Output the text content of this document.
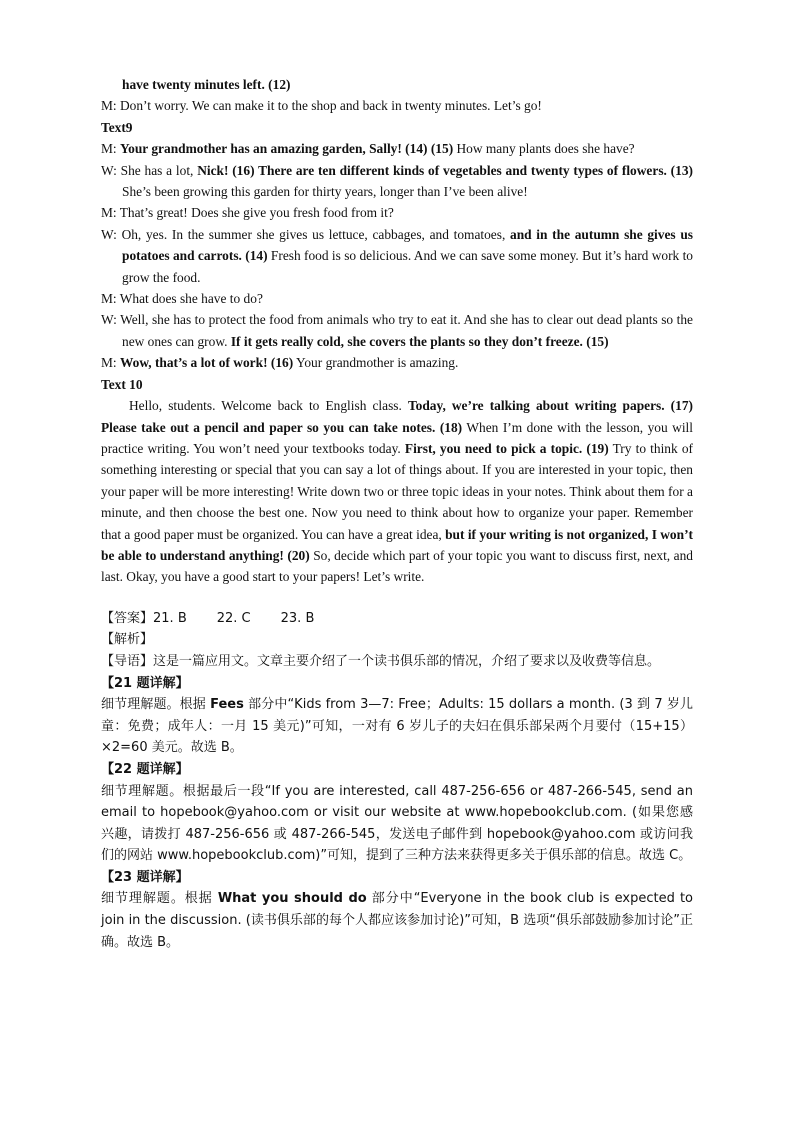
have twenty minutes left. (12)
M: Don’t worry. We can make it to the shop and back in twenty minutes. Let’s go!
Text9
M: Your grandmother has an amazing garden, Sally! (14) (15) How many plants does she have?
W: She has a lot, Nick! (16) There are ten different kinds of vegetables and twenty types of flowers. (13) She’s been growing this garden for thirty years, longer than I’ve been alive!
M: That’s great! Does she give you fresh food from it?
W: Oh, yes. In the summer she gives us lettuce, cabbages, and tomatoes, and in the autumn she gives us potatoes and carrots. (14) Fresh food is so delicious. And we can save some money. But it’s hard work to grow the food.
M: What does she have to do?
W: Well, she has to protect the food from animals who try to eat it. And she has to clear out dead plants so the new ones can grow. If it gets really cold, she covers the plants so they don’t freeze. (15)
M: Wow, that’s a lot of work! (16) Your grandmother is amazing.
Text 10
Hello, students. Welcome back to English class. Today, we’re talking about writing papers. (17) Please take out a pencil and paper so you can take notes. (18) When I’m done with the lesson, you will practice writing. You won’t need your textbooks today. First, you need to pick a topic. (19) Try to think of something interesting or special that you can say a lot of things about. If you are interested in your topic, then your paper will be more interesting! Write down two or three topic ideas in your notes. Think about them for a minute, and then choose the best one. Now you need to think about how to organize your paper. Remember that a good paper must be organized. You can have a great idea, but if your writing is not organized, I won’t be able to understand anything! (20) So, decide which part of your topic you want to discuss first, next, and last. Okay, you have a good start to your papers! Let’s write.
【答案】21. B 22. C 23. B
【解析】
【导语】这是一篇应用文。文章主要介绍了一个读书俱乐部的情况，介绍了要求以及收费等信息。
【21 题详解】
细节理解题。根据 Fees 部分中“Kids from 3—7: Free；Adults: 15 dollars a month. (3 到 7 岁儿童：免费；成年人：一月 15 美元)”可知，一对有 6 岁儿子的夫妇在俱乐部呆两个月要付（15+15）×2=60 美元。故选 B。
【22 题详解】
细节理解题。根据最后一段“If you are interested, call 487-256-656 or 487-266-545, send an email to hopebook@yahoo.com or visit our website at www.hopebookclub.com. (如果您感兴趣，请拨打 487-256-656 或 487-266-545，发送电子邮件到 hopebook@yahoo.com 或访问我们的网站 www.hopebookclub.com)”可知，提到了三种方法来获得更多关于俱乐部的信息。故选 C。
【23 题详解】
细节理解题。根据 What you should do 部分中“Everyone in the book club is expected to join in the discussion. (读书俱乐部的每个人都应该参加讨论)”可知，B 选项“俱乐部鼓励参加讨论”正确。故选 B。
